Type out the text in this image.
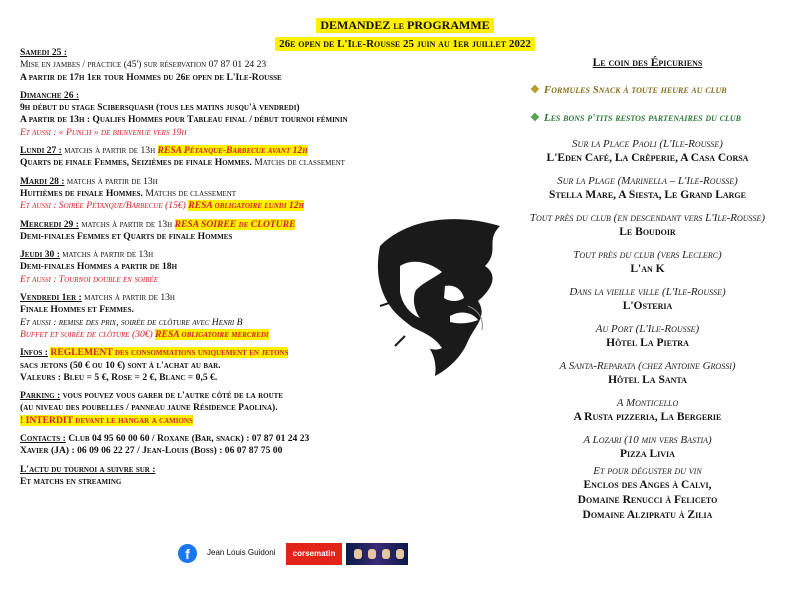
DEMANDEZ le PROGRAMME
26e open de L'Ile-Rousse 25 juin au 1er juillet 2022

Samedi 25 :

Mise en jambes / practice (45') sur réservation 07 87 01 24 23

A partir de 17h 1er tour Hommes du 26e open de L'Ile-Rousse

Dimanche 26 :

9h début du stage Scibersquash (tous les matins jusqu'à vendredi)

A partir de 13h : Qualifs Hommes pour Tableau final / début tournoi féminin

Et aussi : « Punch » de bienvenue vers 19h

Lundi 27 : matchs à partir de 13h RESA Pétanque-Barbecue avant 12h

Quarts de finale Femmes, Seizièmes de finale Hommes. Matchs de classement

Mardi 28 : matchs à partir de 13h

Huitièmes de finale Hommes. Matchs de classement

Et aussi : Soirée Pétanque/Barbecue (15€) RESA obligatoire lundi 12h

Mercredi 29 : matchs à partir de 13h RESA SOIREE de CLOTURE

Demi-finales Femmes et Quarts de finale Hommes

Jeudi 30 : matchs à partir de 13h

Demi-finales Hommes a partir de 18h

Et aussi : Tournoi double en soirée

Vendredi 1er : matchs à partir de 13h

Finale Hommes et Femmes.

Et aussi : remise des prix, soirée de clôture avec Henri B

Buffet et soirée de clôture (30€) RESA obligatoire mercredi

Infos : REGLEMENT des consommations uniquement en jetons

sacs jetons (50 € ou 10 €) sont à l'achat au bar.

Valeurs : Bleu = 5 €, Rose = 2 €, Blanc = 0,5 €.

Parking : vous pouvez vous garer de l'autre côté de la route

(au niveau des poubelles / panneau jaune Résidence Paolina).

! INTERDIT devant le hangar a camions

Contacts : Club 04 95 60 00 60 / Roxane (Bar, snack) : 07 87 01 24 23

Xavier (JA) : 06 09 06 22 27 / Jean-Louis (Boss) : 06 07 87 75 00

L'actu du tournoi a suivre sur :

Et matchs en streaming

f	Jean Louis Guidoni	corsematin
Le coin des Épicuriens
❖ Formules Snack à toute heure au club
❖ Les bons p'tits restos partenaires du club
Sur la Place Paoli (L'Ile-Rousse)
L'Eden Café, La Crêperie, A Casa Corsa
Sur la Plage (Marinella – L'Ile-Rousse)
Stella Mare, A Siesta, Le Grand Large
Tout près du club (en descendant vers L'Ile-Rousse)
Le Boudoir
Tout près du club (vers Leclerc)
L'an K
Dans la vieille ville (L'Ile-Rousse)
L'Osteria
Au Port (L'Ile-Rousse)
Hôtel La Pietra
A Santa-Reparata (chez Antoine Grossi)
Hôtel La Santa
A Monticello
A Rusta pizzeria, La Bergerie
A Lozari (10 min vers Bastia)
Pizza Livia
Et pour déguster du vin
Enclos des Anges à Calvi,
Domaine Renucci à Feliceto
Domaine Alzipratu à Zilia
